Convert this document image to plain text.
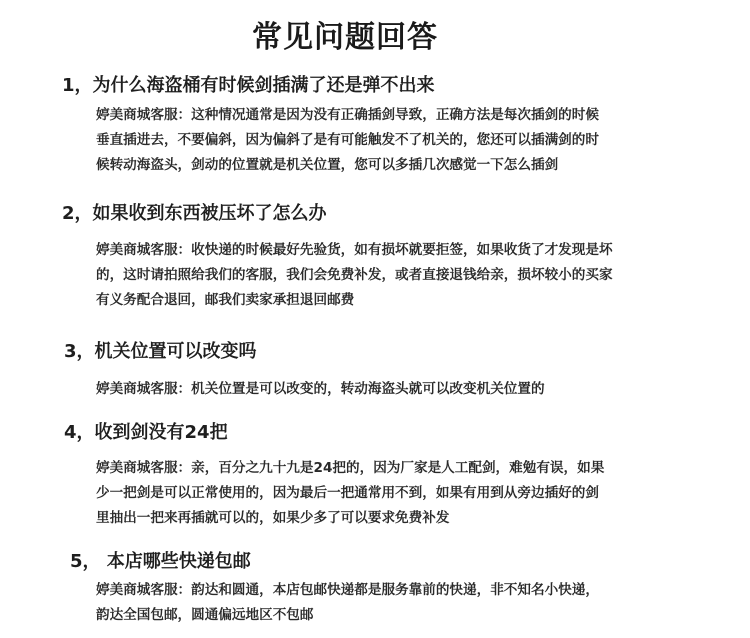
常见问题回答
1，为什么海盗桶有时候剑插满了还是弹不出来
婷美商城客服：这种情况通常是因为没有正确插剑导致，正确方法是每次插剑的时候
垂直插进去，不要偏斜，因为偏斜了是有可能触发不了机关的，您还可以插满剑的时
候转动海盗头，剑动的位置就是机关位置，您可以多插几次感觉一下怎么插剑
2，如果收到东西被压坏了怎么办
婷美商城客服：收快递的时候最好先验货，如有损坏就要拒签，如果收货了才发现是坏
的，这时请拍照给我们的客服，我们会免费补发，或者直接退钱给亲，损坏较小的买家
有义务配合退回，邮我们卖家承担退回邮费
3，机关位置可以改变吗
婷美商城客服：机关位置是可以改变的，转动海盗头就可以改变机关位置的
4，收到剑没有24把
婷美商城客服：亲，百分之九十九是24把的，因为厂家是人工配剑，难勉有误，如果
少一把剑是可以正常使用的，因为最后一把通常用不到，如果有用到从旁边插好的剑
里抽出一把来再插就可以的，如果少多了可以要求免费补发
5， 本店哪些快递包邮
婷美商城客服：韵达和圆通，本店包邮快递都是服务靠前的快递，非不知名小快递，
韵达全国包邮，圆通偏远地区不包邮
